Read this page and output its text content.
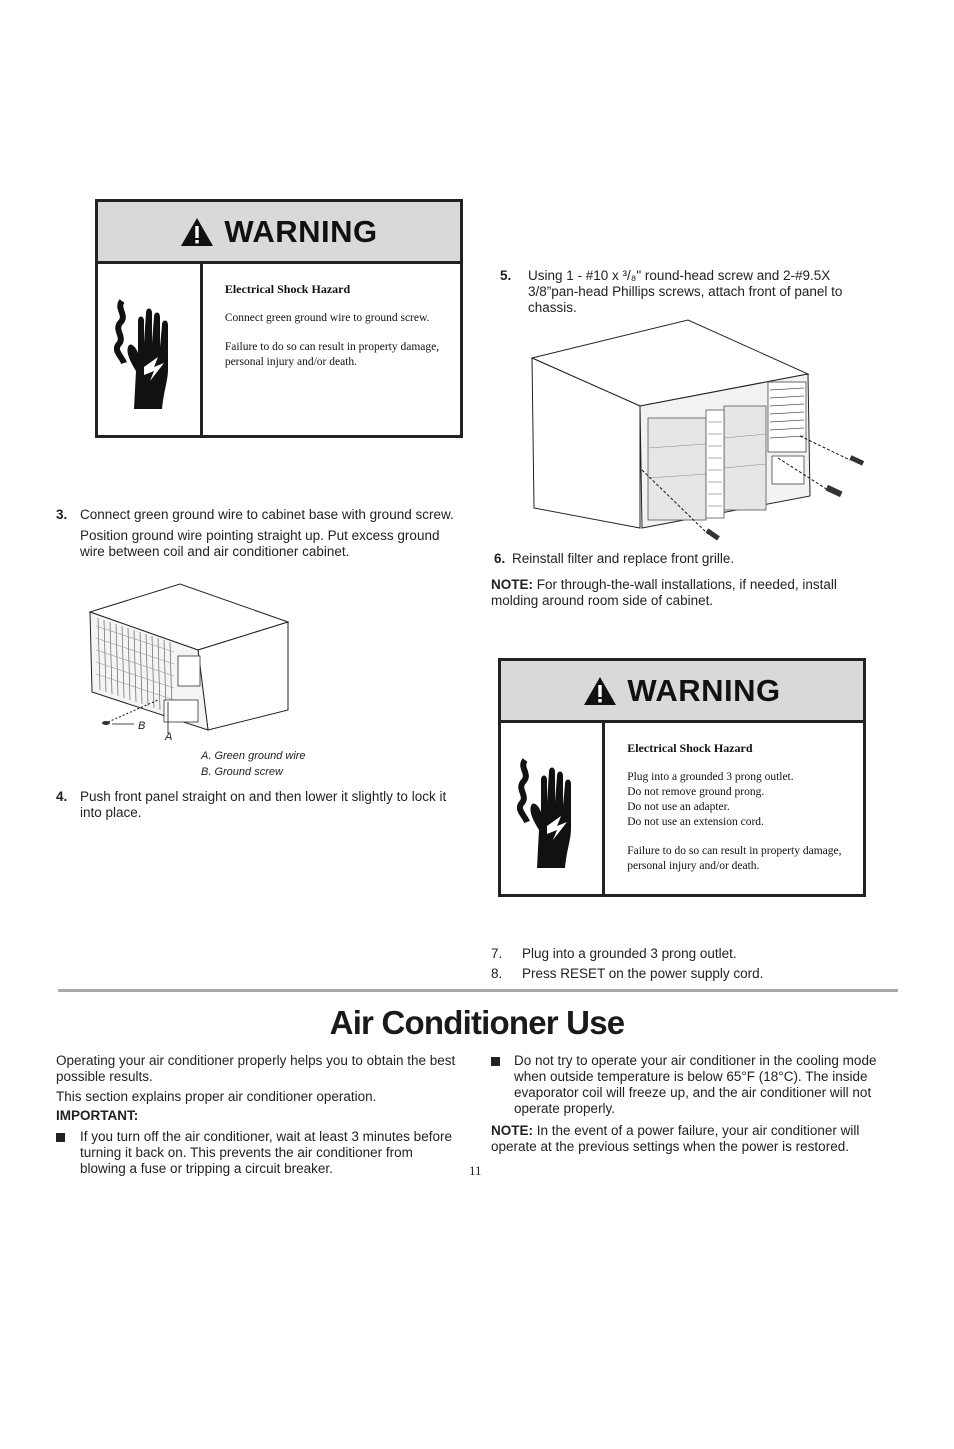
WARNING
Electrical Shock Hazard
Connect green ground wire to ground screw.
Failure to do so can result in property damage, personal injury and/or death.
3. Connect green ground wire to cabinet base with ground screw.
Position ground wire pointing straight up. Put excess ground wire between coil and air conditioner cabinet.
B
A
A. Green ground wire
B. Ground screw
4. Push front panel straight on and then lower it slightly to lock it into place.
5. Using 1 - #10 x ³/₈" round-head screw and 2-#9.5X 3/8”pan-head Phillips screws, attach front of panel to chassis.
6. Reinstall filter and replace front grille.
NOTE: For through-the-wall installations, if needed, install molding around room side of cabinet.
WARNING
Electrical Shock Hazard
Plug into a grounded 3 prong outlet.
Do not remove ground prong.
Do not use an adapter.
Do not use an extension cord.
Failure to do so can result in property damage, personal injury and/or death.
7. Plug into a grounded 3 prong outlet.
8. Press RESET on the power supply cord.
Air Conditioner Use
Operating your air conditioner properly helps you to obtain the best possible results.
This section explains proper air conditioner operation.
IMPORTANT:
If you turn off the air conditioner, wait at least 3 minutes before turning it back on. This prevents the air conditioner from blowing a fuse or tripping a circuit breaker.
Do not try to operate your air conditioner in the cooling mode when outside temperature is below 65°F (18°C). The inside evaporator coil will freeze up, and the air conditioner will not operate properly.
NOTE: In the event of a power failure, your air conditioner will operate at the previous settings when the power is restored.
11
